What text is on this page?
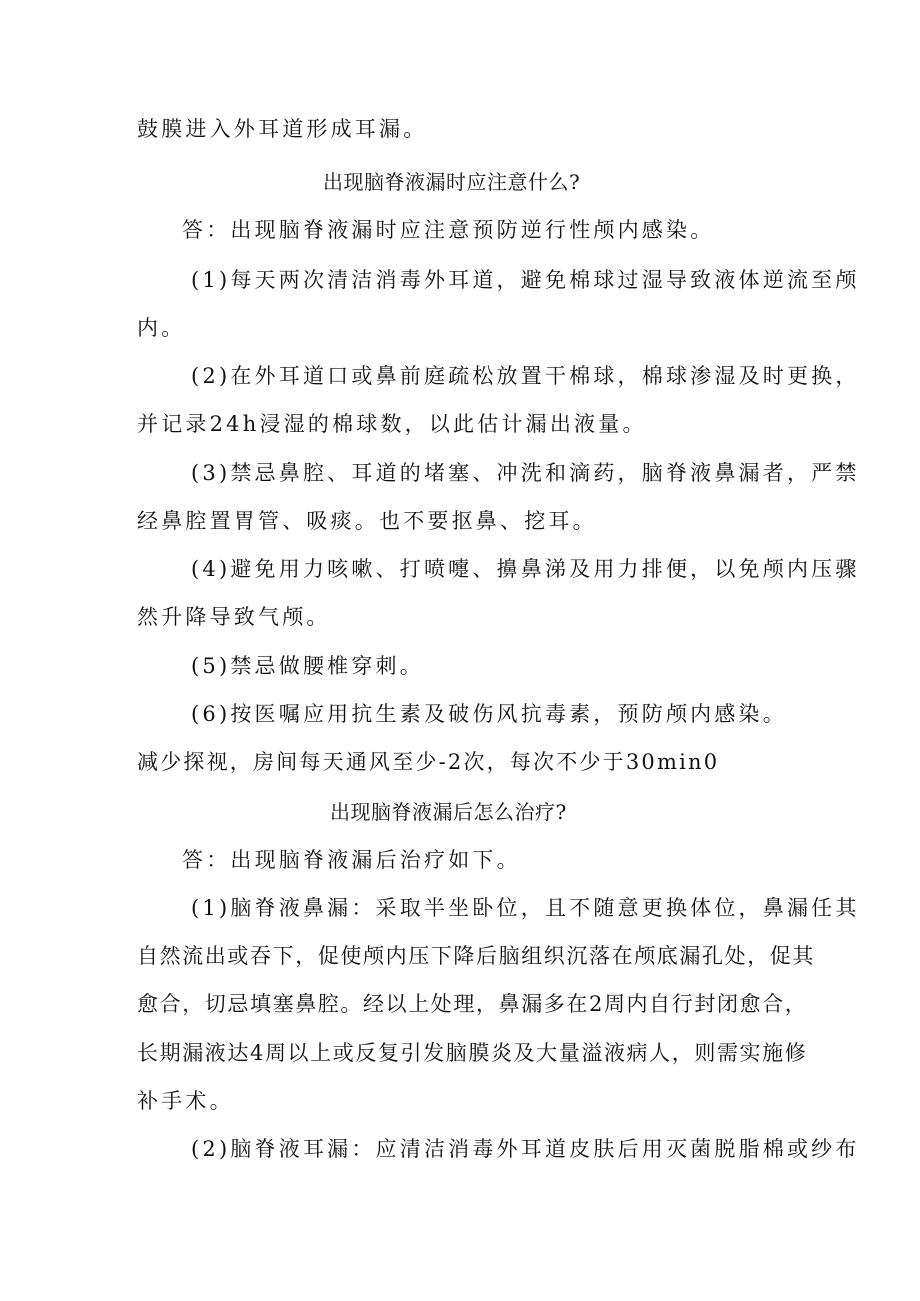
鼓膜进入外耳道形成耳漏。
出现脑脊液漏时应注意什么?
答：出现脑脊液漏时应注意预防逆行性颅内感染。
(1)每天两次清洁消毒外耳道，避免棉球过湿导致液体逆流至颅
内。
(2)在外耳道口或鼻前庭疏松放置干棉球，棉球渗湿及时更换，
并记录24h浸湿的棉球数，以此估计漏出液量。
(3)禁忌鼻腔、耳道的堵塞、冲洗和滴药，脑脊液鼻漏者，严禁
经鼻腔置胃管、吸痰。也不要抠鼻、挖耳。
(4)避免用力咳嗽、打喷嚏、擤鼻涕及用力排便，以免颅内压骤
然升降导致气颅。
(5)禁忌做腰椎穿刺。
(6)按医嘱应用抗生素及破伤风抗毒素，预防颅内感染。
减少探视，房间每天通风至少-2次，每次不少于30min0
出现脑脊液漏后怎么治疗?
答：出现脑脊液漏后治疗如下。
(1)脑脊液鼻漏：采取半坐卧位，且不随意更换体位，鼻漏任其
自然流出或吞下，促使颅内压下降后脑组织沉落在颅底漏孔处，促其
愈合，切忌填塞鼻腔。经以上处理，鼻漏多在2周内自行封闭愈合，
长期漏液达4周以上或反复引发脑膜炎及大量溢液病人，则需实施修
补手术。
(2)脑脊液耳漏：应清洁消毒外耳道皮肤后用灭菌脱脂棉或纱布
